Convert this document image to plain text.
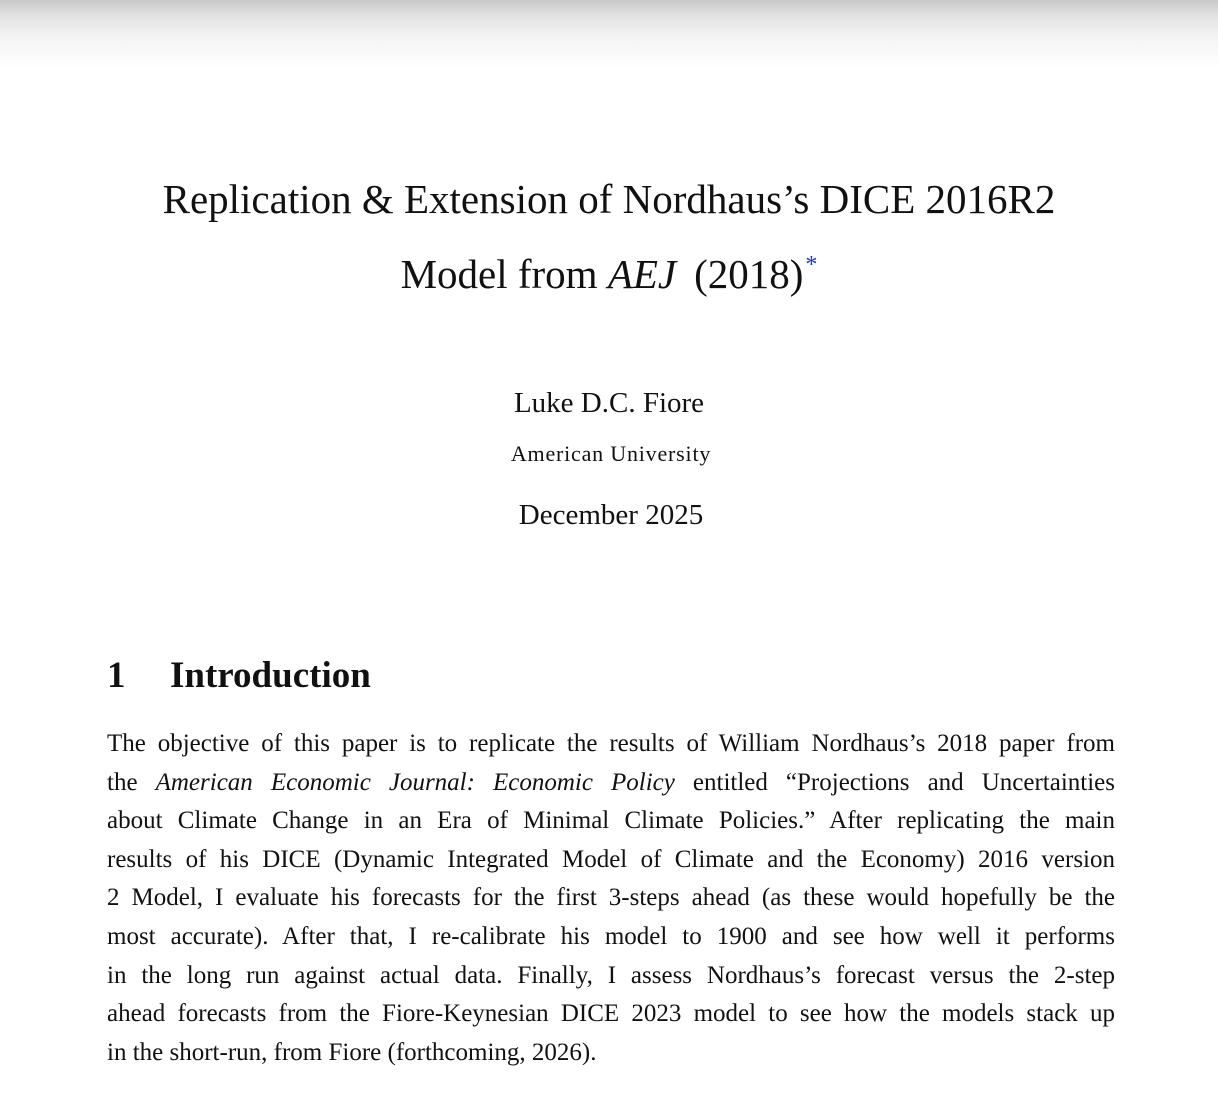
Replication & Extension of Nordhaus’s DICE 2016R2
Model from AEJ (2018)*
Luke D.C. Fiore
American University
December 2025
1 Introduction
The objective of this paper is to replicate the results of William Nordhaus’s 2018 paper from
the American Economic Journal: Economic Policy entitled “Projections and Uncertainties
about Climate Change in an Era of Minimal Climate Policies.” After replicating the main
results of his DICE (Dynamic Integrated Model of Climate and the Economy) 2016 version
2 Model, I evaluate his forecasts for the first 3-steps ahead (as these would hopefully be the
most accurate). After that, I re-calibrate his model to 1900 and see how well it performs
in the long run against actual data. Finally, I assess Nordhaus’s forecast versus the 2-step
ahead forecasts from the Fiore-Keynesian DICE 2023 model to see how the models stack up
in the short-run, from Fiore (forthcoming, 2026).
